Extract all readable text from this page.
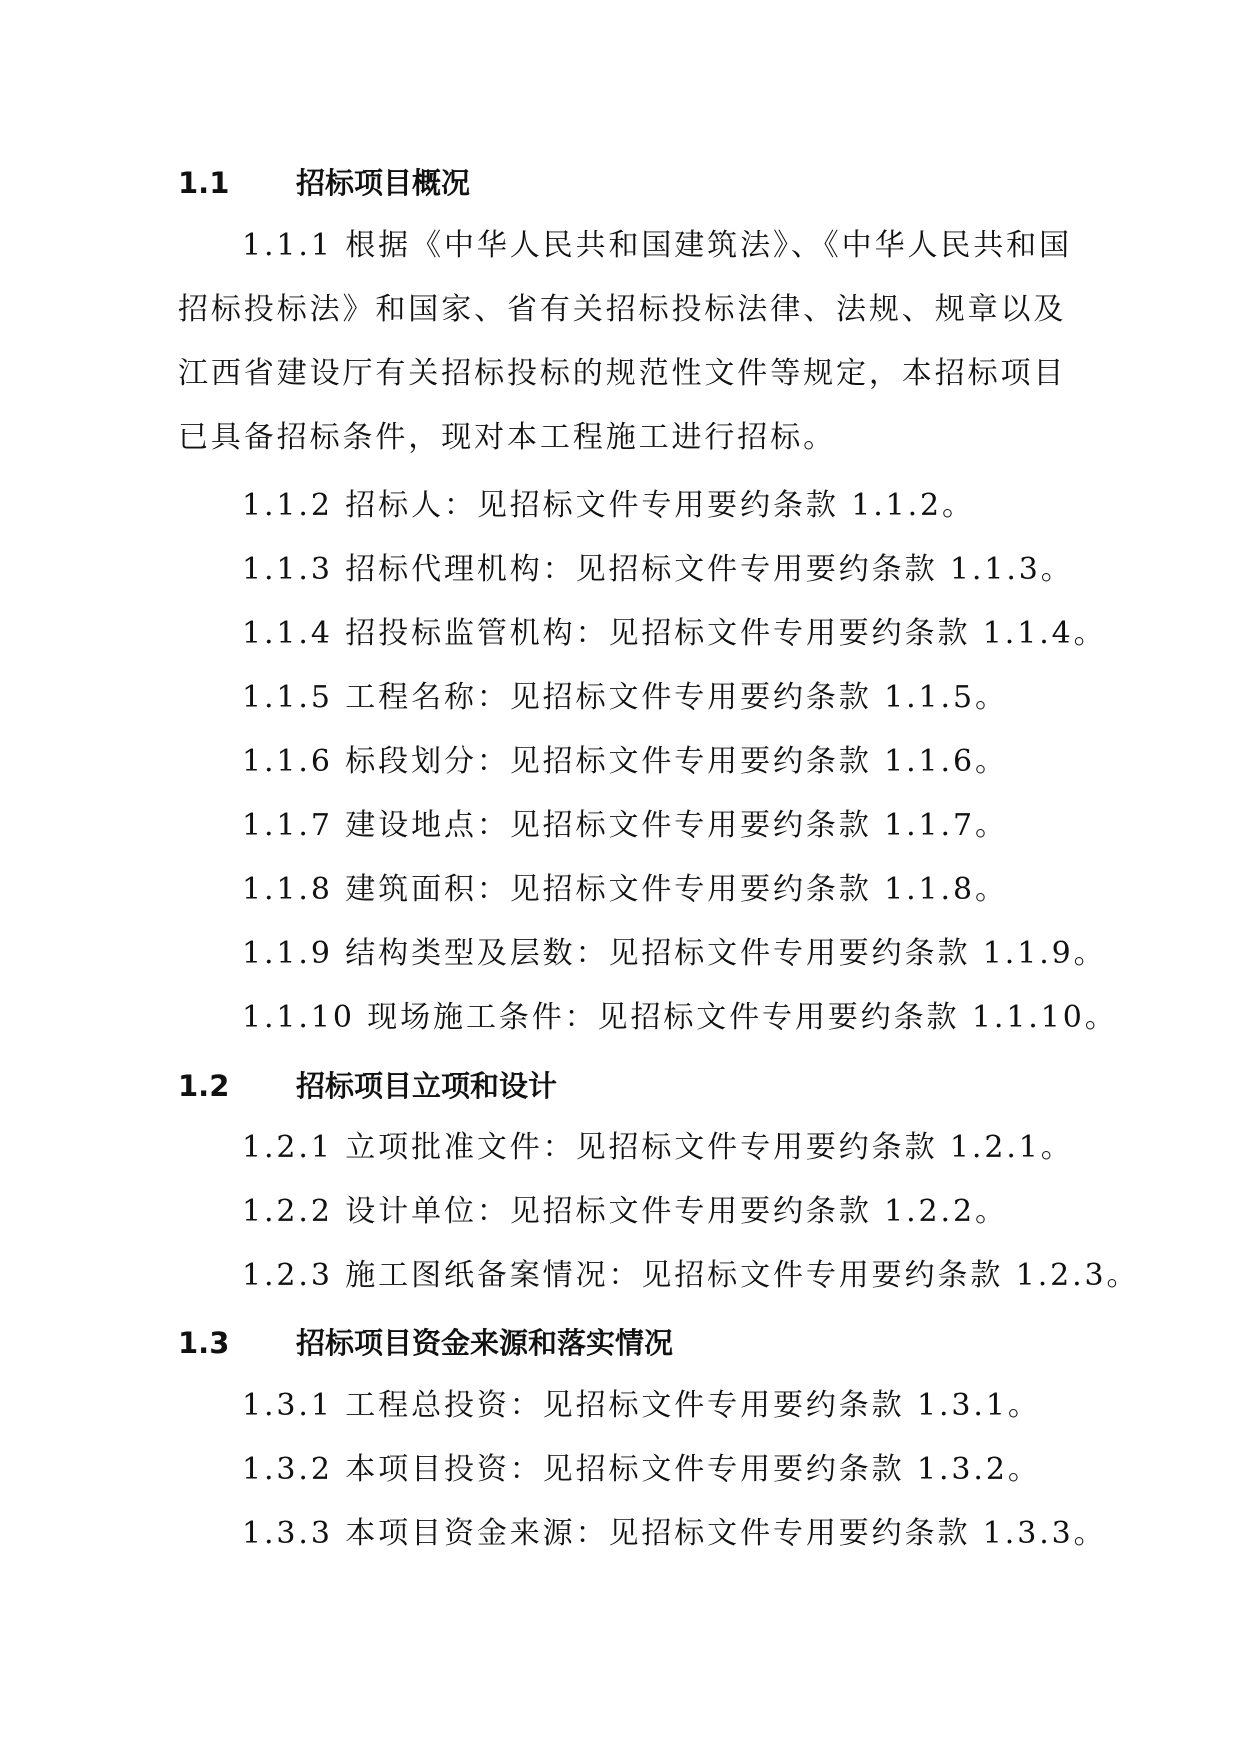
1.1 招标项目概况

1.1.1 根据《中华人民共和国建筑法》、《中华人民共和国招标投标法》和国家、省有关招标投标法律、法规、规章以及江西省建设厅有关招标投标的规范性文件等规定，本招标项目已具备招标条件，现对本工程施工进行招标。

1.1.2 招标人：见招标文件专用要约条款 1.1.2。

1.1.3 招标代理机构：见招标文件专用要约条款 1.1.3。

1.1.4 招投标监管机构：见招标文件专用要约条款 1.1.4。

1.1.5 工程名称：见招标文件专用要约条款 1.1.5。

1.1.6 标段划分：见招标文件专用要约条款 1.1.6。

1.1.7 建设地点：见招标文件专用要约条款 1.1.7。

1.1.8 建筑面积：见招标文件专用要约条款 1.1.8。

1.1.9 结构类型及层数：见招标文件专用要约条款 1.1.9。

1.1.10 现场施工条件：见招标文件专用要约条款 1.1.10。

1.2 招标项目立项和设计

1.2.1 立项批准文件：见招标文件专用要约条款 1.2.1。

1.2.2 设计单位：见招标文件专用要约条款 1.2.2。

1.2.3 施工图纸备案情况：见招标文件专用要约条款 1.2.3。

1.3 招标项目资金来源和落实情况

1.3.1 工程总投资：见招标文件专用要约条款 1.3.1。

1.3.2 本项目投资：见招标文件专用要约条款 1.3.2。

1.3.3 本项目资金来源：见招标文件专用要约条款 1.3.3。
